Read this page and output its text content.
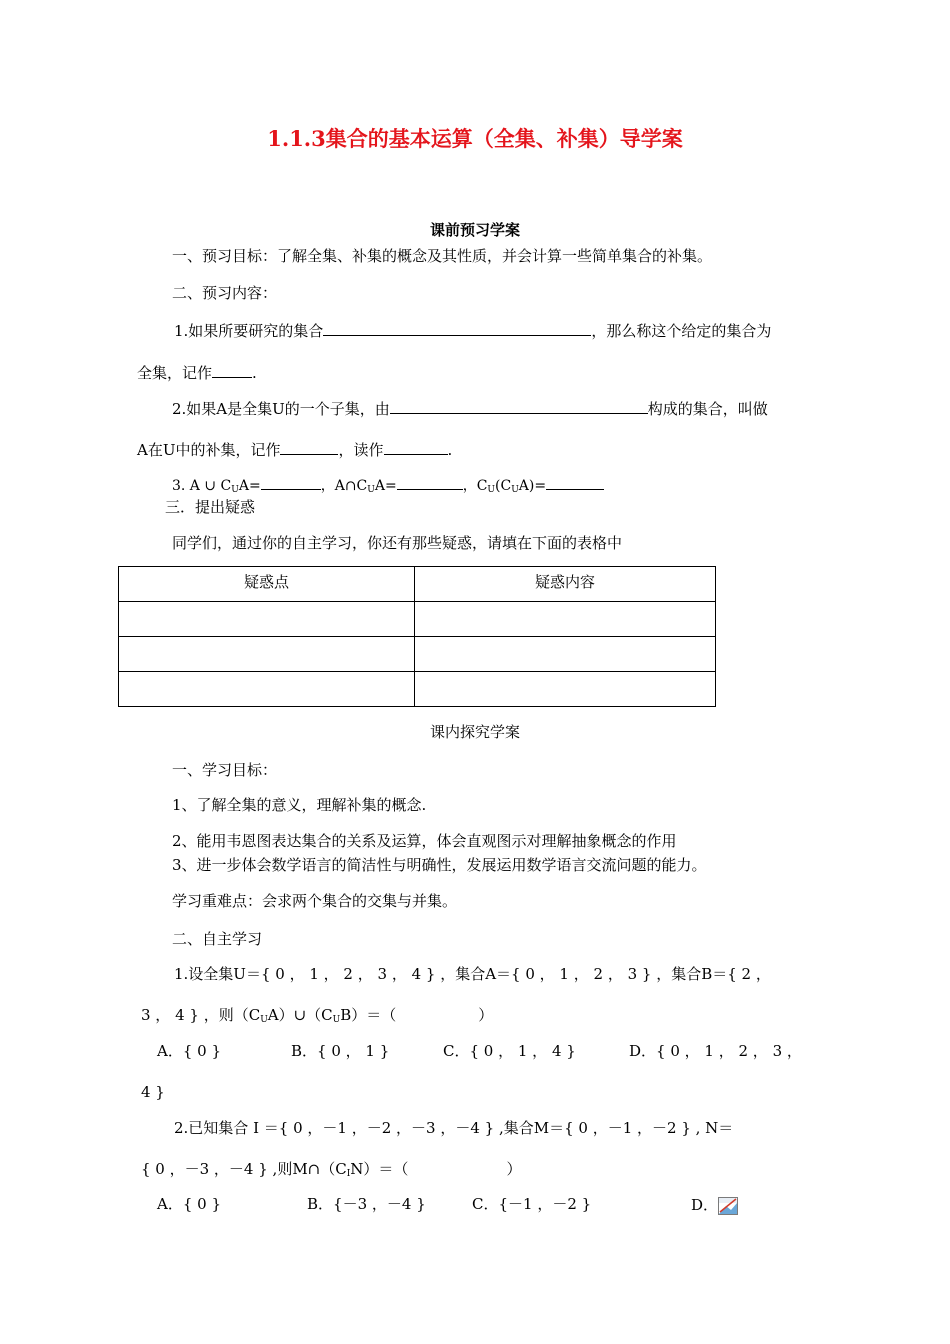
1.1.3集合的基本运算（全集、补集）导学案
课前预习学案
一、预习目标：了解全集、补集的概念及其性质，并会计算一些简单集合的补集。
二、预习内容：
1.如果所要研究的集合	，那么称这个给定的集合为
全集，记作	.
2.如果A是全集U的一个子集，由	构成的集合，叫做
A在U中的补集，记作	，读作	.
3. A ∪ $C_UA=$	，$A\cap C_UA=$	，$C_U(C_UA)=$
三．提出疑惑
同学们，通过你的自主学习，你还有那些疑惑，请填在下面的表格中
疑惑点	疑惑内容

课内探究学案
一、学习目标：
1、了解全集的意义，理解补集的概念.
2、能用韦恩图表达集合的关系及运算，体会直观图示对理解抽象概念的作用
3、进一步体会数学语言的简洁性与明确性，发展运用数学语言交流问题的能力。
学习重难点：会求两个集合的交集与并集。
二、自主学习
1.设全集U＝{ 0 ， 1 ， 2 ， 3 ， 4 } ，集合A＝{ 0 ， 1 ， 2 ， 3 } ，集合B＝{ 2 ，
3 ， 4 } ，则$(C_UA)\cup(C_UB)=$（	）
A．{ 0 }	B．{ 0 ， 1 }	C．{ 0 ， 1 ， 4 }	D．{ 0 ， 1 ， 2 ， 3 ，
4 }
2.已知集合 I ＝{ 0 ，－1 ，－2 ，－3 ，－4 } ,集合M＝{ 0 ，－1 ，－2 } , N＝
{ 0 ，－3 ，－4 } ,则$M\cap(C_IN)=$（	）
A．{ 0 }	B．{－3 ，－4 }	C．{－1 ，－2 }	D．
